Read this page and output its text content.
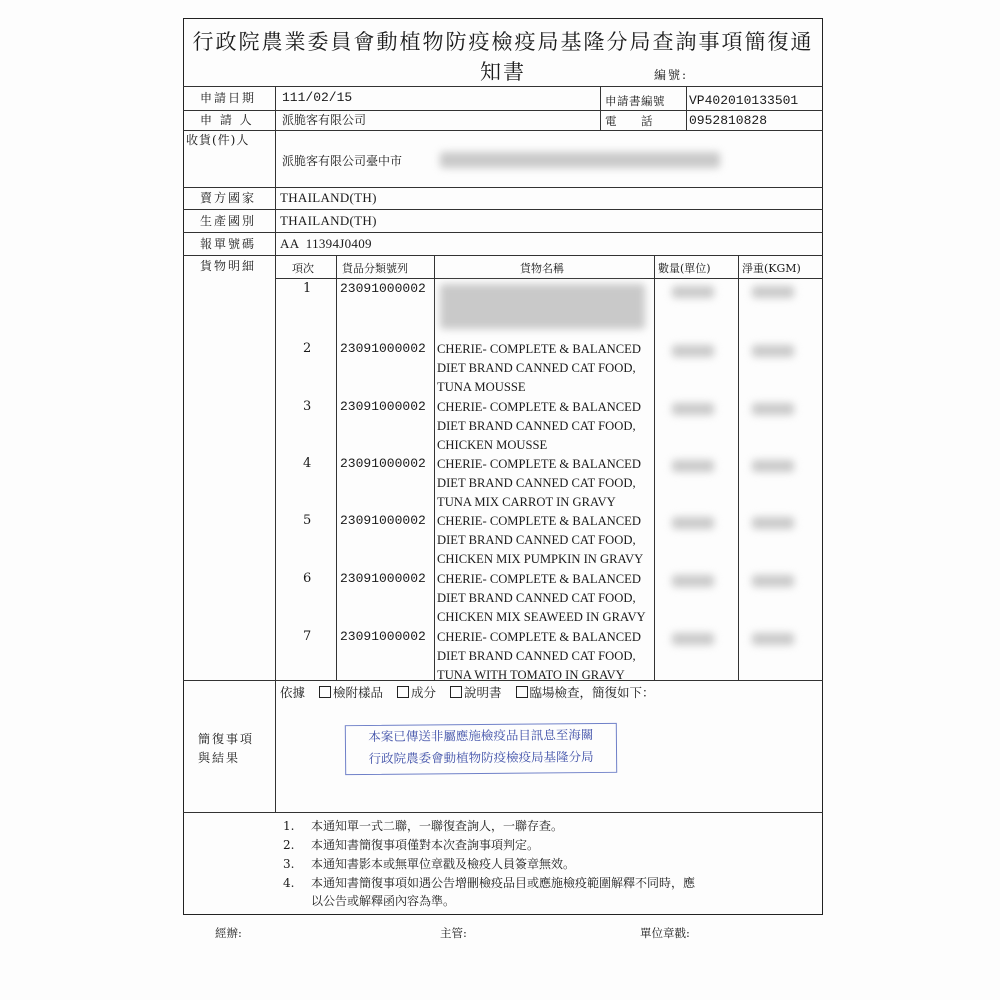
行政院農業委員會動植物防疫檢疫局基隆分局查詢事項簡復通知書	編號:
申請日期 111/02/15	申請書編號 VP402010133501
申 請 人 派脆客有限公司	電　　話	0952810828
收貨(件)人
派脆客有限公司臺中市
賣方國家 THAILAND(TH)
生產國別 THAILAND(TH)
報單號碼 AA  11394J0409
貨物明細	項次	貨品分類號列	貨物名稱	數量(單位)	淨重(KGM)
1 23091000002
2 23091000002 CHERIE- COMPLETE & BALANCED
DIET BRAND CANNED CAT FOOD,
TUNA MOUSSE
3 23091000002 CHERIE- COMPLETE & BALANCED
DIET BRAND CANNED CAT FOOD,
CHICKEN MOUSSE
4 23091000002 CHERIE- COMPLETE & BALANCED
DIET BRAND CANNED CAT FOOD,
TUNA MIX CARROT IN GRAVY
5 23091000002 CHERIE- COMPLETE & BALANCED
DIET BRAND CANNED CAT FOOD,
CHICKEN MIX PUMPKIN IN GRAVY
6 23091000002 CHERIE- COMPLETE & BALANCED
DIET BRAND CANNED CAT FOOD,
CHICKEN MIX SEAWEED IN GRAVY
7 23091000002 CHERIE- COMPLETE & BALANCED
DIET BRAND CANNED CAT FOOD,
TUNA WITH TOMATO IN GRAVY
簡復事項
與結果
依據 檢附樣品 成分 說明書 臨場檢查，簡復如下：
本案已傳送非屬應施檢疫品目訊息至海關
行政院農委會動植物防疫檢疫局基隆分局
1. 本通知單一式二聯，一聯復查詢人，一聯存查。
2. 本通知書簡復事項僅對本次查詢事項判定。
3. 本通知書影本或無單位章戳及檢疫人員簽章無效。
4. 本通知書簡復事項如遇公告增刪檢疫品目或應施檢疫範圍解釋不同時，應
以公告或解釋函內容為準。
經辦:	主管:	單位章戳:
